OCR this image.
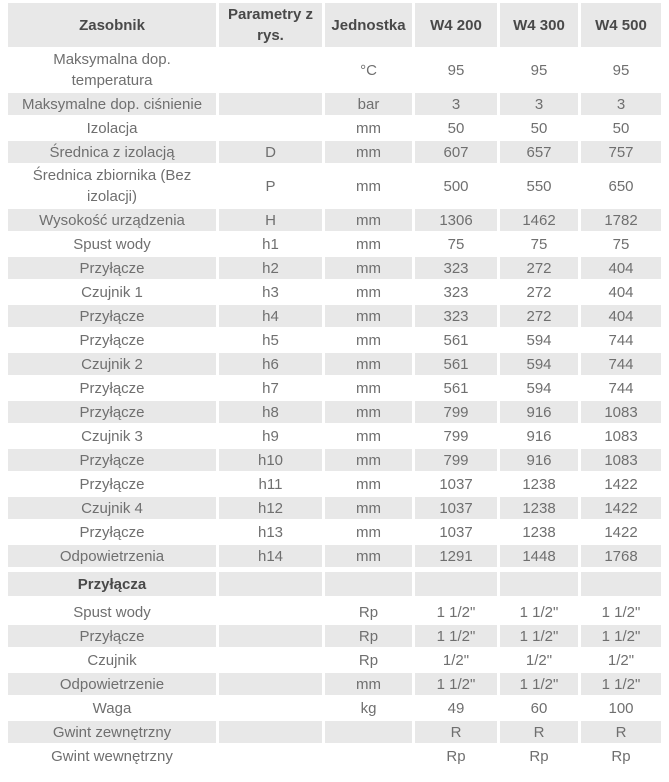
Zasobnik	Parametry z rys.	Jednostka	W4 200	W4 300	W4 500
Maksymalna dop. temperatura		°C	95	95	95
Maksymalne dop. ciśnienie		bar	3	3	3
Izolacja		mm	50	50	50
Średnica z izolacją	D	mm	607	657	757
Średnica zbiornika (Bez izolacji)	P	mm	500	550	650
Wysokość urządzenia	H	mm	1306	1462	1782
Spust wody	h1	mm	75	75	75
Przyłącze	h2	mm	323	272	404
Czujnik 1	h3	mm	323	272	404
Przyłącze	h4	mm	323	272	404
Przyłącze	h5	mm	561	594	744
Czujnik 2	h6	mm	561	594	744
Przyłącze	h7	mm	561	594	744
Przyłącze	h8	mm	799	916	1083
Czujnik 3	h9	mm	799	916	1083
Przyłącze	h10	mm	799	916	1083
Przyłącze	h11	mm	1037	1238	1422
Czujnik 4	h12	mm	1037	1238	1422
Przyłącze	h13	mm	1037	1238	1422
Odpowietrzenia	h14	mm	1291	1448	1768

Przyłącza					

Spust wody		Rp	1 1/2"	1 1/2"	1 1/2"
Przyłącze		Rp	1 1/2"	1 1/2"	1 1/2"
Czujnik		Rp	1/2"	1/2"	1/2"
Odpowietrzenie		mm	1 1/2"	1 1/2"	1 1/2"
Waga		kg	49	60	100
Gwint zewnętrzny			R	R	R
Gwint wewnętrzny			Rp	Rp	Rp
